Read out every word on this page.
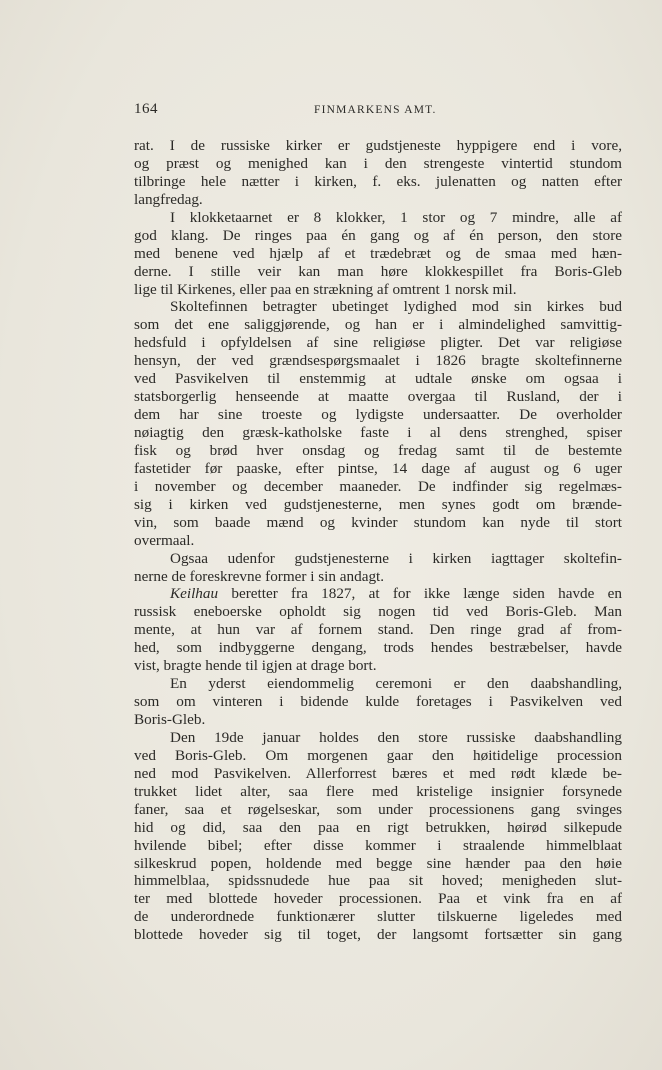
164	FINMARKENS AMT.
rat. I de russiske kirker er gudstjeneste hyppigere end i vore,
og præst og menighed kan i den strengeste vintertid stundom
tilbringe hele nætter i kirken, f. eks. julenatten og natten efter
langfredag.
I klokketaarnet er 8 klokker, 1 stor og 7 mindre, alle af
god klang. De ringes paa én gang og af én person, den store
med benene ved hjælp af et trædebræt og de smaa med hæn-
derne. I stille veir kan man høre klokkespillet fra Boris-Gleb
lige til Kirkenes, eller paa en strækning af omtrent 1 norsk mil.
Skoltefinnen betragter ubetinget lydighed mod sin kirkes bud
som det ene saliggjørende, og han er i almindelighed samvittig-
hedsfuld i opfyldelsen af sine religiøse pligter. Det var religiøse
hensyn, der ved grændsespørgsmaalet i 1826 bragte skoltefinnerne
ved Pasvikelven til enstemmig at udtale ønske om ogsaa i
statsborgerlig henseende at maatte overgaa til Rusland, der i
dem har sine troeste og lydigste undersaatter. De overholder
nøiagtig den græsk-katholske faste i al dens strenghed, spiser
fisk og brød hver onsdag og fredag samt til de bestemte
fastetider før paaske, efter pintse, 14 dage af august og 6 uger
i november og december maaneder. De indfinder sig regelmæs-
sig i kirken ved gudstjenesterne, men synes godt om brænde-
vin, som baade mænd og kvinder stundom kan nyde til stort
overmaal.
Ogsaa udenfor gudstjenesterne i kirken iagttager skoltefin-
nerne de foreskrevne former i sin andagt.
Keilhau beretter fra 1827, at for ikke længe siden havde en
russisk eneboerske opholdt sig nogen tid ved Boris-Gleb. Man
mente, at hun var af fornem stand. Den ringe grad af from-
hed, som indbyggerne dengang, trods hendes bestræbelser, havde
vist, bragte hende til igjen at drage bort.
En yderst eiendommelig ceremoni er den daabshandling,
som om vinteren i bidende kulde foretages i Pasvikelven ved
Boris-Gleb.
Den 19de januar holdes den store russiske daabshandling
ved Boris-Gleb. Om morgenen gaar den høitidelige procession
ned mod Pasvikelven. Allerforrest bæres et med rødt klæde be-
trukket lidet alter, saa flere med kristelige insignier forsynede
faner, saa et røgelseskar, som under processionens gang svinges
hid og did, saa den paa en rigt betrukken, høirød silkepude
hvilende bibel; efter disse kommer i straalende himmelblaat
silkeskrud popen, holdende med begge sine hænder paa den høie
himmelblaa, spidssnudede hue paa sit hoved; menigheden slut-
ter med blottede hoveder processionen. Paa et vink fra en af
de underordnede funktionærer slutter tilskuerne ligeledes med
blottede hoveder sig til toget, der langsomt fortsætter sin gang
